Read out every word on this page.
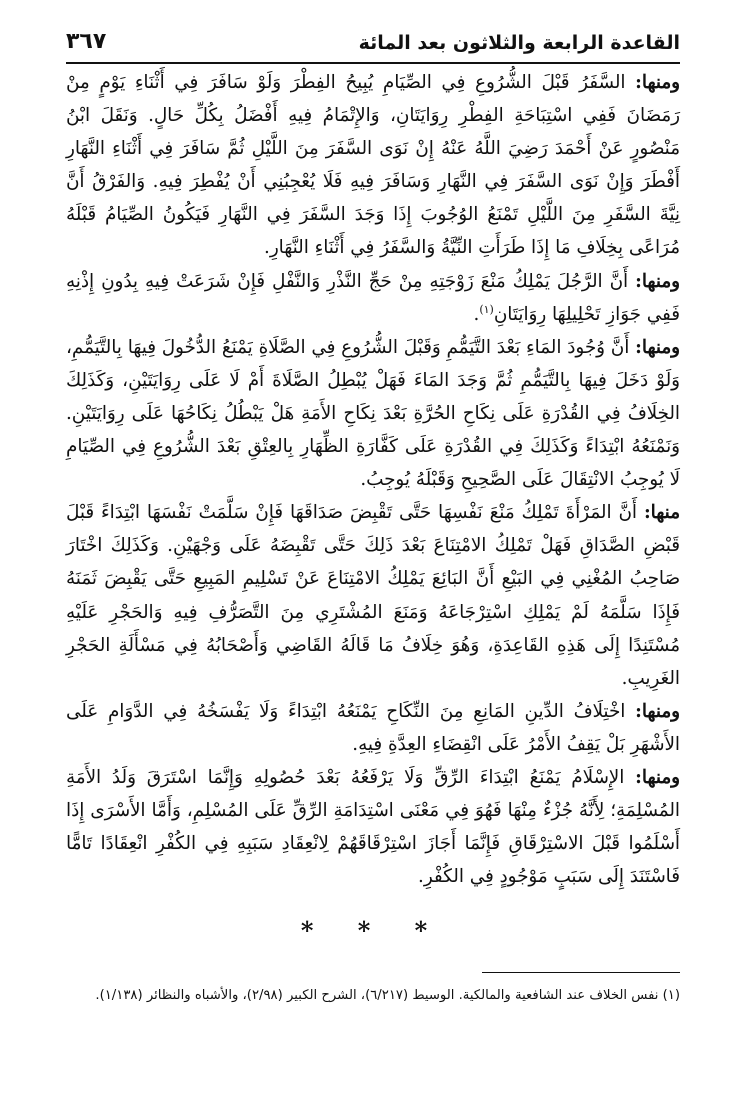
القاعدة الرابعة والثلاثون بعد المائة
٣٦٧

ومنها: السَّفَرُ قَبْلَ الشُّرُوعِ فِي الصِّيَامِ يُبِيحُ الفِطْرَ وَلَوْ سَافَرَ فِي أَثْنَاءِ يَوْمٍ مِنْ رَمَضَانَ فَفِي اسْتِبَاحَةِ الفِطْرِ رِوَايَتَانِ، وَالإِتْمَامُ فِيهِ أَفْضَلُ بِكُلِّ حَالٍ. وَنَقَلَ ابْنُ مَنْصُورٍ عَنْ أَحْمَدَ رَضِيَ اللَّهُ عَنْهُ إِنْ نَوَى السَّفَرَ مِنَ اللَّيْلِ ثُمَّ سَافَرَ فِي أَثْنَاءِ النَّهَارِ أَفْطَرَ وَإِنْ نَوَى السَّفَرَ فِي النَّهَارِ وَسَافَرَ فِيهِ فَلَا يُعْجِبُنِي أَنْ يُفْطِرَ فِيهِ. وَالفَرْقُ أَنَّ نِيَّةَ السَّفَرِ مِنَ اللَّيْلِ تَمْنَعُ الوُجُوبَ إِذَا وَجَدَ السَّفَرَ فِي النَّهَارِ فَيَكُونُ الصِّيَامُ قَبْلَهُ مُرَاعًى بِخِلَافِ مَا إِذَا طَرَأَتِ النِّيَّةُ وَالسَّفَرُ فِي أَثْنَاءِ النَّهَارِ.

ومنها: أَنَّ الرَّجُلَ يَمْلِكُ مَنْعَ زَوْجَتِهِ مِنْ حَجِّ النَّذْرِ وَالنَّفْلِ فَإِنْ شَرَعَتْ فِيهِ بِدُونِ إِذْنِهِ فَفِي جَوَازِ تَحْلِيلِهَا رِوَايَتَانِ$^{(١)}$.

ومنها: أَنَّ وُجُودَ المَاءِ بَعْدَ التَّيَمُّمِ وَقَبْلَ الشُّرُوعِ فِي الصَّلَاةِ يَمْنَعُ الدُّخُولَ فِيهَا بِالتَّيَمُّمِ، وَلَوْ دَخَلَ فِيهَا بِالتَّيَمُّمِ ثُمَّ وَجَدَ المَاءَ فَهَلْ يُبْطِلُ الصَّلَاةَ أَمْ لَا عَلَى رِوَايَتَيْنِ، وَكَذَلِكَ الخِلَافُ فِي القُدْرَةِ عَلَى نِكَاحِ الحُرَّةِ بَعْدَ نِكَاحِ الأَمَةِ هَلْ يَبْطُلُ نِكَاحُهَا عَلَى رِوَايَتَيْنِ. وَنَمْنَعُهُ ابْتِدَاءً وَكَذَلِكَ فِي القُدْرَةِ عَلَى كَفَّارَةِ الظِّهَارِ بِالعِتْقِ بَعْدَ الشُّرُوعِ فِي الصِّيَامِ لَا يُوجِبُ الانْتِقَالَ عَلَى الصَّحِيحِ وَقَبْلَهُ يُوجِبُ.

منها: أَنَّ المَرْأَةَ تَمْلِكُ مَنْعَ نَفْسِهَا حَتَّى تَقْبِضَ صَدَاقَهَا فَإِنْ سَلَّمَتْ نَفْسَهَا ابْتِدَاءً قَبْلَ قَبْضِ الصَّدَاقِ فَهَلْ تَمْلِكُ الامْتِنَاعَ بَعْدَ ذَلِكَ حَتَّى تَقْبِضَهُ عَلَى وَجْهَيْنِ. وَكَذَلِكَ اخْتَارَ صَاحِبُ المُغْنِي فِي البَيْعِ أَنَّ البَائِعَ يَمْلِكُ الامْتِنَاعَ عَنْ تَسْلِيمِ المَبِيعِ حَتَّى يَقْبِضَ ثَمَنَهُ فَإِذَا سَلَّمَهُ لَمْ يَمْلِكِ اسْتِرْجَاعَهُ وَمَنَعَ المُشْتَرِي مِنَ التَّصَرُّفِ فِيهِ وَالحَجْرِ عَلَيْهِ مُسْتَنِدًا إِلَى هَذِهِ القَاعِدَةِ، وَهُوَ خِلَافُ مَا قَالَهُ القَاضِي وَأَصْحَابُهُ فِي مَسْأَلَةِ الحَجْرِ الغَرِيبِ.

ومنها: اخْتِلَافُ الدِّينِ المَانِعِ مِنَ النِّكَاحِ يَمْنَعُهُ ابْتِدَاءً وَلَا يَفْسَخُهُ فِي الدَّوَامِ عَلَى الأَشْهَرِ بَلْ يَقِفُ الأَمْرُ عَلَى انْقِضَاءِ العِدَّةِ فِيهِ.

ومنها: الإِسْلَامُ يَمْنَعُ ابْتِدَاءَ الرِّقِّ وَلَا يَرْفَعُهُ بَعْدَ حُصُولِهِ وَإِنَّمَا اسْتَرَقَ وَلَدُ الأَمَةِ المُسْلِمَةِ؛ لِأَنَّهُ جُزْءٌ مِنْهَا فَهُوَ فِي مَعْنَى اسْتِدَامَةِ الرِّقِّ عَلَى المُسْلِمِ، وَأَمَّا الأَسْرَى إِذَا أَسْلَمُوا قَبْلَ الاسْتِرْقَاقِ فَإِنَّمَا أَجَازَ اسْتِرْقَاقَهُمْ لِانْعِقَادِ سَبَبِهِ فِي الكُفْرِ انْعِقَادًا تَامًّا فَاسْتَنَدَ إِلَى سَبَبٍ مَوْجُودٍ فِي الكُفْرِ.

* * *
(١) نفس الخلاف عند الشافعية والمالكية. الوسيط (٦/٢١٧)، الشرح الكبير (٢/٩٨)، والأشباه والنظائر (١/١٣٨).
